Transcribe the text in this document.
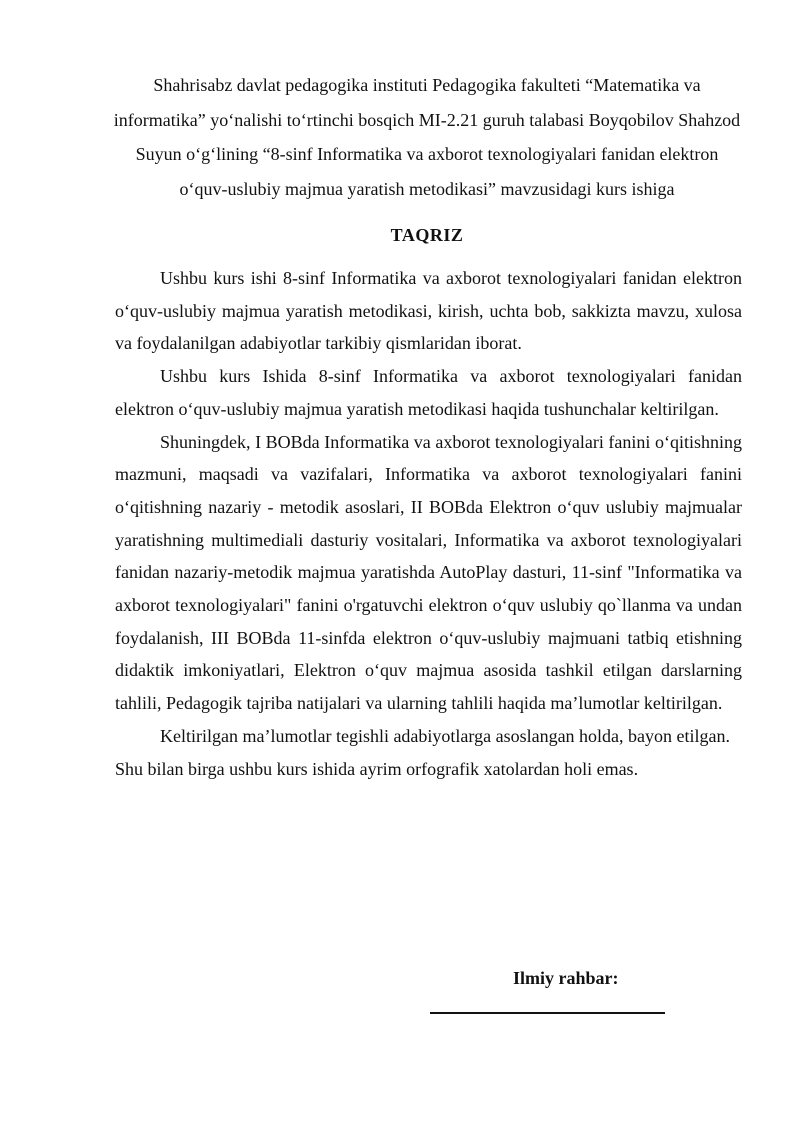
Shahrisabz davlat pedagogika instituti Pedagogika fakulteti “Matematika va informatika” yo‘nalishi to‘rtinchi bosqich MI-2.21 guruh talabasi Boyqobilov Shahzod Suyun o‘g‘lining “8-sinf Informatika va axborot texnologiyalari fanidan elektron o‘quv-uslubiy majmua yaratish metodikasi” mavzusidagi kurs ishiga
TAQRIZ

Ushbu kurs ishi 8-sinf Informatika va axborot texnologiyalari fanidan elektron o‘quv-uslubiy majmua yaratish metodikasi, kirish, uchta bob, sakkizta mavzu, xulosa va foydalanilgan adabiyotlar tarkibiy qismlaridan iborat.

Ushbu kurs Ishida 8-sinf Informatika va axborot texnologiyalari fanidan elektron o‘quv-uslubiy majmua yaratish metodikasi haqida tushunchalar keltirilgan.

Shuningdek, I BOBda Informatika va axborot texnologiyalari fanini o‘qitishning mazmuni, maqsadi va vazifalari, Informatika va axborot texnologiyalari fanini o‘qitishning nazariy - metodik asoslari, II BOBda Elektron o‘quv uslubiy majmualar yaratishning multimediali dasturiy vositalari, Informatika va axborot texnologiyalari fanidan nazariy-metodik majmua yaratishda AutoPlay dasturi, 11-sinf "Informatika va axborot texnologiyalari" fanini o'rgatuvchi elektron o‘quv uslubiy qo`llanma va undan foydalanish, III BOBda 11-sinfda elektron o‘quv-uslubiy majmuani tatbiq etishning didaktik imkoniyatlari, Elektron o‘quv majmua asosida tashkil etilgan darslarning tahlili, Pedagogik tajriba natijalari va ularning tahlili haqida ma’lumotlar keltirilgan.

Keltirilgan ma’lumotlar tegishli adabiyotlarga asoslangan holda, bayon etilgan. Shu bilan birga ushbu kurs ishida ayrim orfografik xatolardan holi emas.

Ilmiy rahbar:
